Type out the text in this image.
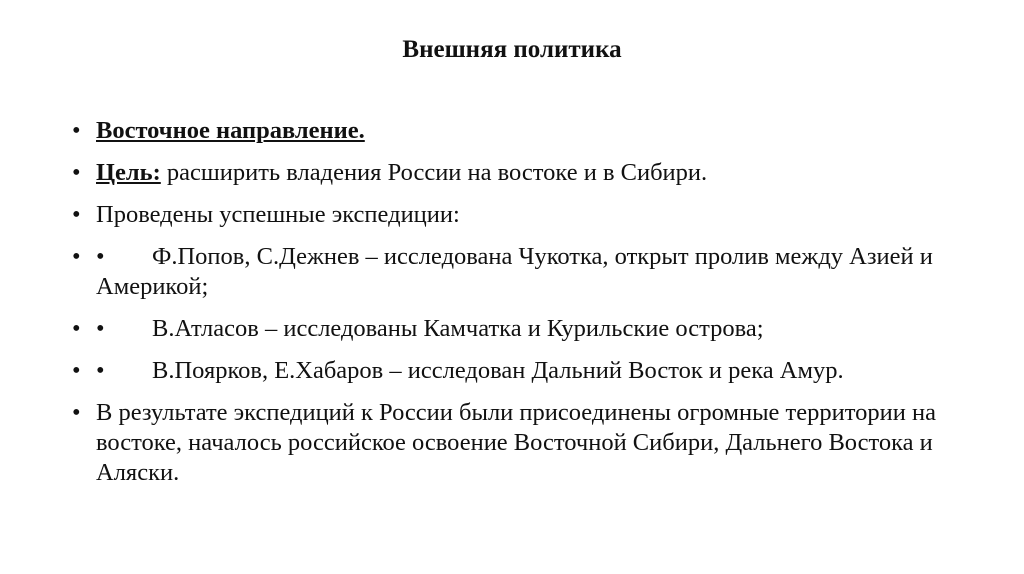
Внешняя политика
• Восточное направление.
• Цель: расширить владения России на востоке и в Сибири.
• Проведены успешные экспедиции:
• • Ф.Попов, С.Дежнев – исследована Чукотка, открыт пролив между Азией и Америкой;
• • В.Атласов – исследованы Камчатка и Курильские острова;
• • В.Поярков, Е.Хабаров – исследован Дальний Восток и река Амур.
• В результате экспедиций к России были присоединены огромные территории на востоке, началось российское освоение Восточной Сибири, Дальнего Востока и Аляски.
